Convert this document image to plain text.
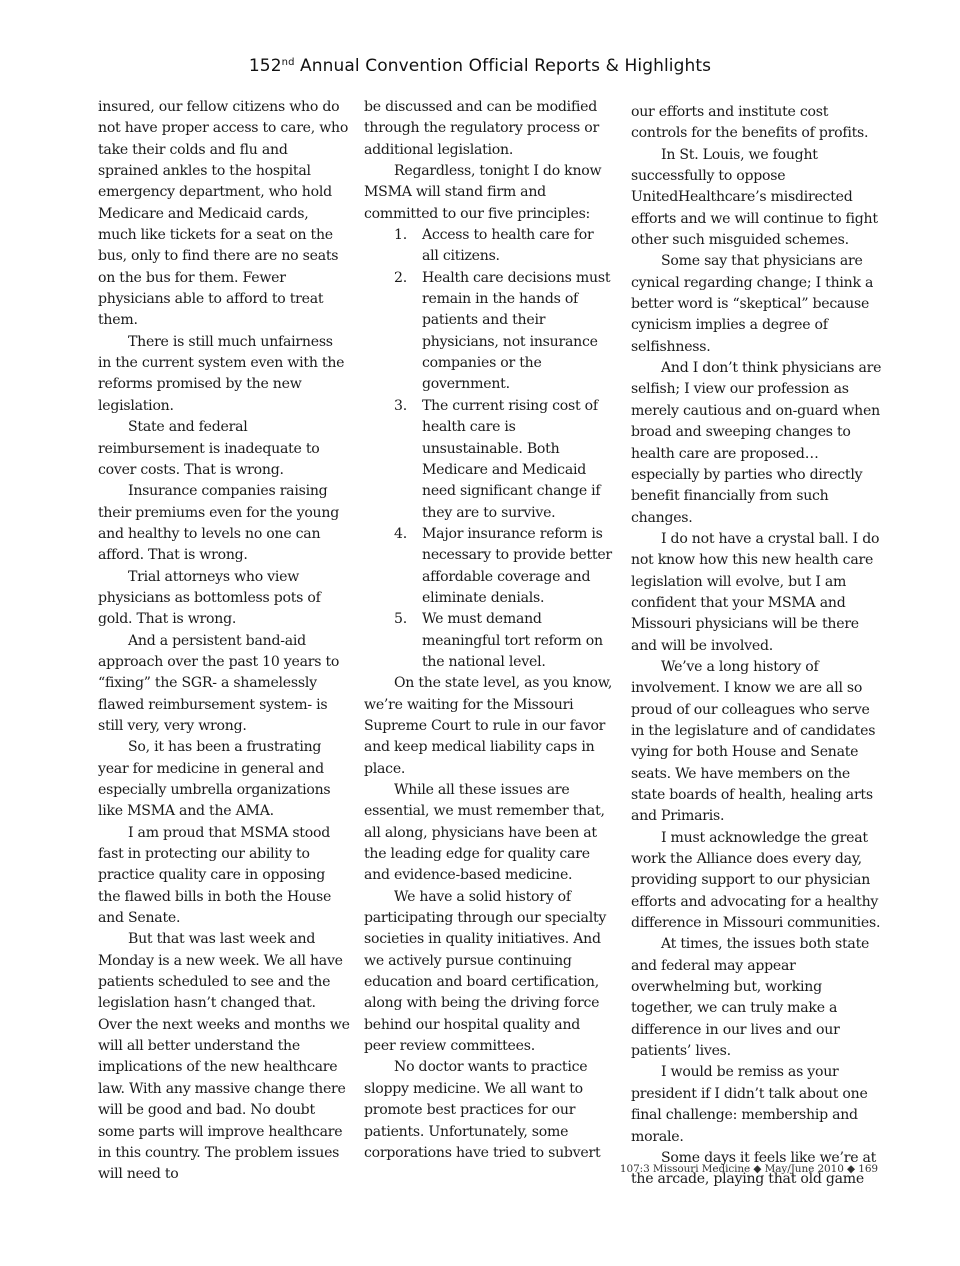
152nd Annual Convention Official Reports & Highlights

insured, our fellow citizens who do not have proper access to care, who take their colds and flu and sprained ankles to the hospital emergency department, who hold Medicare and Medicaid cards, much like tickets for a seat on the bus, only to find there are no seats on the bus for them. Fewer physicians able to afford to treat them.

There is still much unfairness in the current system even with the reforms promised by the new legislation.

State and federal reimbursement is inadequate to cover costs. That is wrong.

Insurance companies raising their premiums even for the young and healthy to levels no one can afford. That is wrong.

Trial attorneys who view physicians as bottomless pots of gold. That is wrong.

And a persistent band-aid approach over the past 10 years to “fixing” the SGR- a shamelessly flawed reimbursement system- is still very, very wrong.

So, it has been a frustrating year for medicine in general and especially umbrella organizations like MSMA and the AMA.

I am proud that MSMA stood fast in protecting our ability to practice quality care in opposing the flawed bills in both the House and Senate.

But that was last week and Monday is a new week. We all have patients scheduled to see and the legislation hasn’t changed that. Over the next weeks and months we will all better understand the implications of the new healthcare law. With any massive change there will be good and bad. No doubt some parts will improve healthcare in this country. The problem issues will need to

be discussed and can be modified through the regulatory process or additional legislation.

Regardless, tonight I do know MSMA will stand firm and committed to our five principles:

1. Access to health care for all citizens.
2. Health care decisions must remain in the hands of patients and their physicians, not insurance companies or the government.
3. The current rising cost of health care is unsustainable. Both Medicare and Medicaid need significant change if they are to survive.
4. Major insurance reform is necessary to provide better affordable coverage and eliminate denials.
5. We must demand meaningful tort reform on the national level.

On the state level, as you know, we’re waiting for the Missouri Supreme Court to rule in our favor and keep medical liability caps in place.

While all these issues are essential, we must remember that, all along, physicians have been at the leading edge for quality care and evidence-based medicine.

We have a solid history of participating through our specialty societies in quality initiatives. And we actively pursue continuing education and board certification, along with being the driving force behind our hospital quality and peer review committees.

No doctor wants to practice sloppy medicine. We all want to promote best practices for our patients. Unfortunately, some corporations have tried to subvert

our efforts and institute cost controls for the benefits of profits.

In St. Louis, we fought successfully to oppose UnitedHealthcare’s misdirected efforts and we will continue to fight other such misguided schemes.

Some say that physicians are cynical regarding change; I think a better word is “skeptical” because cynicism implies a degree of selfishness.

And I don’t think physicians are selfish; I view our profession as merely cautious and on-guard when broad and sweeping changes to health care are proposed…especially by parties who directly benefit financially from such changes.

I do not have a crystal ball. I do not know how this new health care legislation will evolve, but I am confident that your MSMA and Missouri physicians will be there and will be involved.

We’ve a long history of involvement. I know we are all so proud of our colleagues who serve in the legislature and of candidates vying for both House and Senate seats. We have members on the state boards of health, healing arts and Primaris.

I must acknowledge the great work the Alliance does every day, providing support to our physician efforts and advocating for a healthy difference in Missouri communities.

At times, the issues both state and federal may appear overwhelming but, working together, we can truly make a difference in our lives and our patients’ lives.

I would be remiss as your president if I didn’t talk about one final challenge: membership and morale.

Some days it feels like we’re at the arcade, playing that old game

107:3 Missouri Medicine ◆ May/June 2010 ◆ 169
